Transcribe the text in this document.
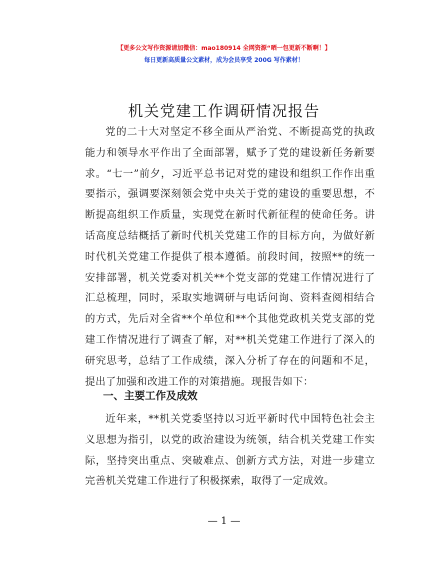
【更多公文写作资源请加微信：mao180914 全网资源“晒一包更新不断啊！】
每日更新高质量公文素材，成为会员享受 200G 写作素材！
机关党建工作调研情况报告

党的二十大对坚定不移全面从严治党、不断提高党的执政能力和领导水平作出了全面部署，赋予了党的建设新任务新要求。“七一”前夕，习近平总书记对党的建设和组织工作作出重要指示，强调要深刻领会党中央关于党的建设的重要思想，不断提高组织工作质量，实现党在新时代新征程的使命任务。讲话高度总结概括了新时代机关党建工作的目标方向，为做好新时代机关党建工作提供了根本遵循。前段时间，按照**的统一安排部署，机关党委对机关**个党支部的党建工作情况进行了汇总梳理，同时，采取实地调研与电话问询、资料查阅相结合的方式，先后对全省**个单位和**个其他党政机关党支部的党建工作情况进行了调查了解，对**机关党建工作进行了深入的研究思考，总结了工作成绩，深入分析了存在的问题和不足，提出了加强和改进工作的对策措施。现报告如下：

一、主要工作及成效

近年来，**机关党委坚持以习近平新时代中国特色社会主义思想为指引，以党的政治建设为统领，结合机关党建工作实际，坚持突出重点、突破难点、创新方式方法，对进一步建立完善机关党建工作进行了积极探索，取得了一定成效。

— 1 —
